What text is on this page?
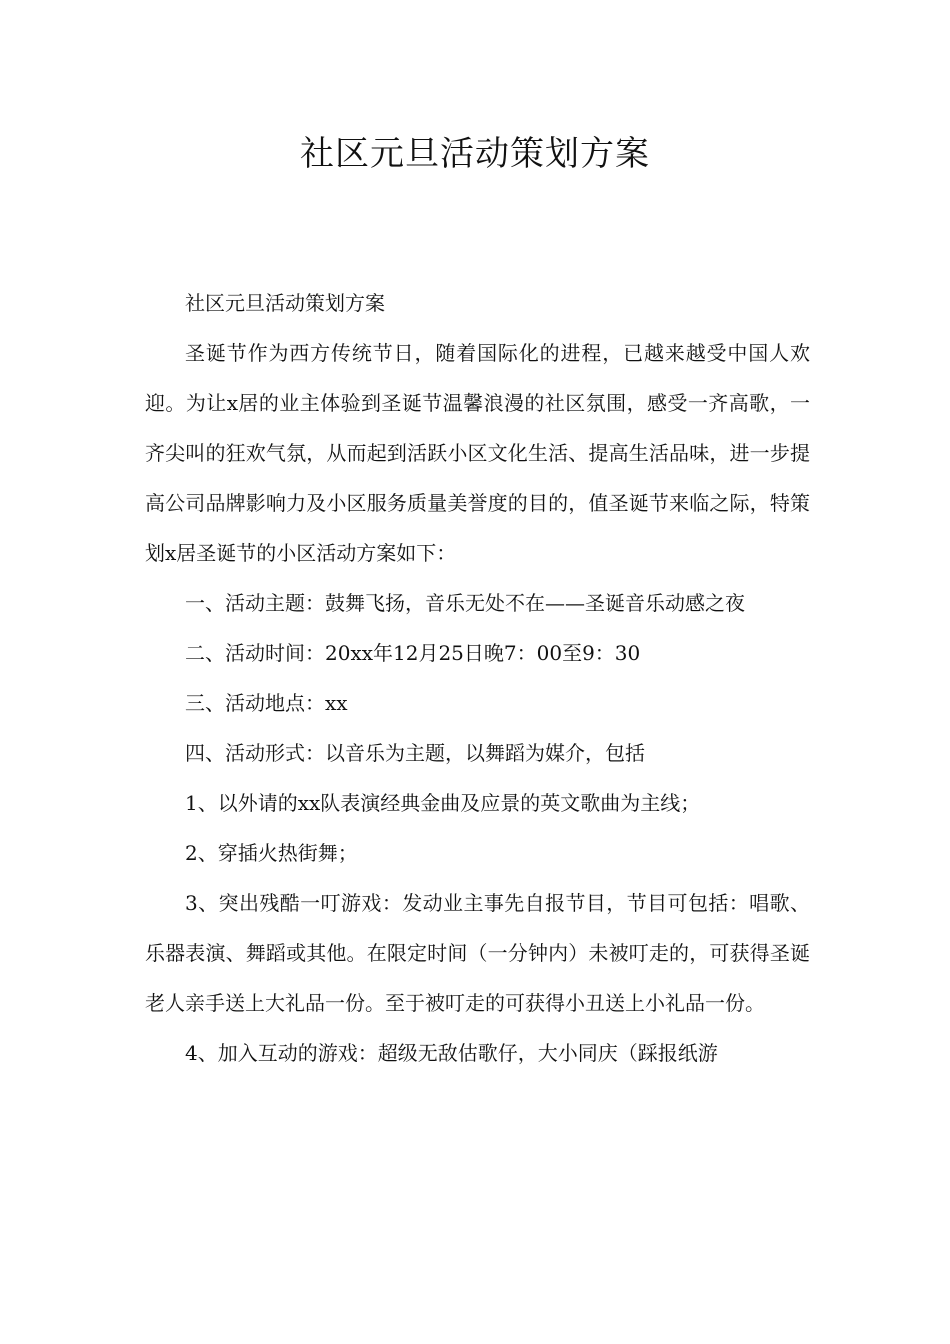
社区元旦活动策划方案

社区元旦活动策划方案

圣诞节作为西方传统节日，随着国际化的进程，已越来越受中国人欢迎。为让x居的业主体验到圣诞节温馨浪漫的社区氛围，感受一齐高歌，一齐尖叫的狂欢气氛，从而起到活跃小区文化生活、提高生活品味，进一步提高公司品牌影响力及小区服务质量美誉度的目的，值圣诞节来临之际，特策划x居圣诞节的小区活动方案如下：

一、活动主题：鼓舞飞扬，音乐无处不在——圣诞音乐动感之夜

二、活动时间：20xx年12月25日晚7：00至9：30

三、活动地点：xx

四、活动形式：以音乐为主题，以舞蹈为媒介，包括

1、以外请的xx队表演经典金曲及应景的英文歌曲为主线；

2、穿插火热街舞；

3、突出残酷一叮游戏：发动业主事先自报节目，节目可包括：唱歌、乐器表演、舞蹈或其他。在限定时间（一分钟内）未被叮走的，可获得圣诞老人亲手送上大礼品一份。至于被叮走的可获得小丑送上小礼品一份。

4、加入互动的游戏：超级无敌估歌仔，大小同庆（踩报纸游
